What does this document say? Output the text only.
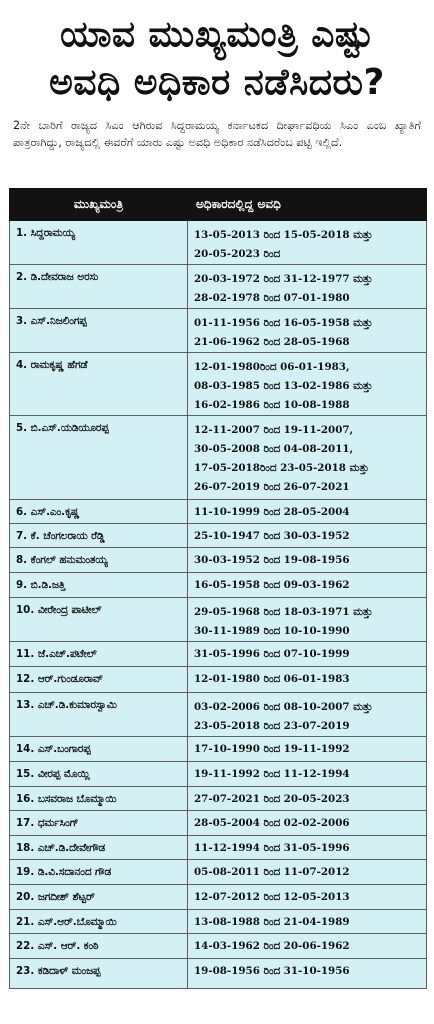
ಯಾವ ಮುಖ್ಯಮಂತ್ರಿ ಎಷ್ಟು
ಅವಧಿ ಅಧಿಕಾರ ನಡೆಸಿದರು?
2ನೇ ಬಾರಿಗೆ ರಾಜ್ಯದ ಸಿಎಂ ಆಗಿರುವ ಸಿದ್ದರಾಮಯ್ಯ ಕರ್ನಾಟಕದ ದೀರ್ಘಾವಧಿಯ ಸಿಎಂ ಎಂಬ ಖ್ಯಾತಿಗೆ ಪಾತ್ರರಾಗಿದ್ದು, ರಾಜ್ಯದಲ್ಲಿ ಈವರೆಗೆ ಯಾರು ಎಷ್ಟು ಅವಧಿ ಅಧಿಕಾರ ನಡೆಸಿದರೆಂಬ ಪಟ್ಟಿ ಇಲ್ಲಿದೆ.
ಮುಖ್ಯಮಂತ್ರಿ	ಅಧಿಕಾರದಲ್ಲಿದ್ದ ಅವಧಿ
1. ಸಿದ್ದರಾಮಯ್ಯ	13-05-2013 ರಿಂದ 15-05-2018 ಮತ್ತು
20-05-2023 ರಿಂದ

2. ಡಿ.ದೇವರಾಜ ಅರಸು	20-03-1972 ರಿಂದ 31-12-1977 ಮತ್ತು
28-02-1978 ರಿಂದ 07-01-1980

3. ಎಸ್.ನಿಜಲಿಂಗಪ್ಪ	01-11-1956 ರಿಂದ 16-05-1958 ಮತ್ತು
21-06-1962 ರಿಂದ 28-05-1968

4. ರಾಮಕೃಷ್ಣ ಹೆಗಡೆ	12-01-1980ರಿಂದ 06-01-1983,
08-03-1985 ರಿಂದ 13-02-1986 ಮತ್ತು
16-02-1986 ರಿಂದ 10-08-1988

5. ಬಿ.ಎಸ್.ಯಡಿಯೂರಪ್ಪ	12-11-2007 ರಿಂದ 19-11-2007,
30-05-2008 ರಿಂದ 04-08-2011,
17-05-2018ರಿಂದ 23-05-2018 ಮತ್ತು
26-07-2019 ರಿಂದ 26-07-2021

6. ಎಸ್.ಎಂ.ಕೃಷ್ಣ	11-10-1999 ರಿಂದ 28-05-2004

7. ಕೆ. ಚೆಂಗಲರಾಯ ರೆಡ್ಡಿ	25-10-1947 ರಿಂದ 30-03-1952

8. ಕೆಂಗಲ್ ಹನುಮಂತಯ್ಯ	30-03-1952 ರಿಂದ 19-08-1956

9. ಬಿ.ಡಿ.ಜತ್ತಿ	16-05-1958 ರಿಂದ 09-03-1962

10. ವೀರೇಂದ್ರ ಪಾಟೀಲ್	29-05-1968 ರಿಂದ 18-03-1971 ಮತ್ತು
30-11-1989 ರಿಂದ 10-10-1990

11. ಜೆ.ಎಚ್.ಪಟೇಲ್	31-05-1996 ರಿಂದ 07-10-1999

12. ಆರ್.ಗುಂಡೂರಾವ್	12-01-1980 ರಿಂದ 06-01-1983

13. ಎಚ್.ಡಿ.ಕುಮಾರಸ್ವಾಮಿ	03-02-2006 ರಿಂದ 08-10-2007 ಮತ್ತು
23-05-2018 ರಿಂದ 23-07-2019

14. ಎಸ್.ಬಂಗಾರಪ್ಪ	17-10-1990 ರಿಂದ 19-11-1992

15. ವೀರಪ್ಪ ಮೊಯ್ಲಿ	19-11-1992 ರಿಂದ 11-12-1994

16. ಬಸವರಾಜ ಬೊಮ್ಮಾಯಿ	27-07-2021 ರಿಂದ 20-05-2023

17. ಧರ್ಮಸಿಂಗ್	28-05-2004 ರಿಂದ 02-02-2006

18. ಎಚ್.ಡಿ.ದೇವೇಗೌಡ	11-12-1994 ರಿಂದ 31-05-1996

19. ಡಿ.ವಿ.ಸದಾನಂದ ಗೌಡ	05-08-2011 ರಿಂದ 11-07-2012

20. ಜಗದೀಶ್ ಶೆಟ್ಟರ್	12-07-2012 ರಿಂದ 12-05-2013

21. ಎಸ್.ಆರ್.ಬೊಮ್ಮಾಯಿ	13-08-1988 ರಿಂದ 21-04-1989

22. ಎಸ್. ಆರ್. ಕಂಠಿ	14-03-1962 ರಿಂದ 20-06-1962

23. ಕಡಿದಾಳ್ ಮಂಜಪ್ಪ	19-08-1956 ರಿಂದ 31-10-1956
